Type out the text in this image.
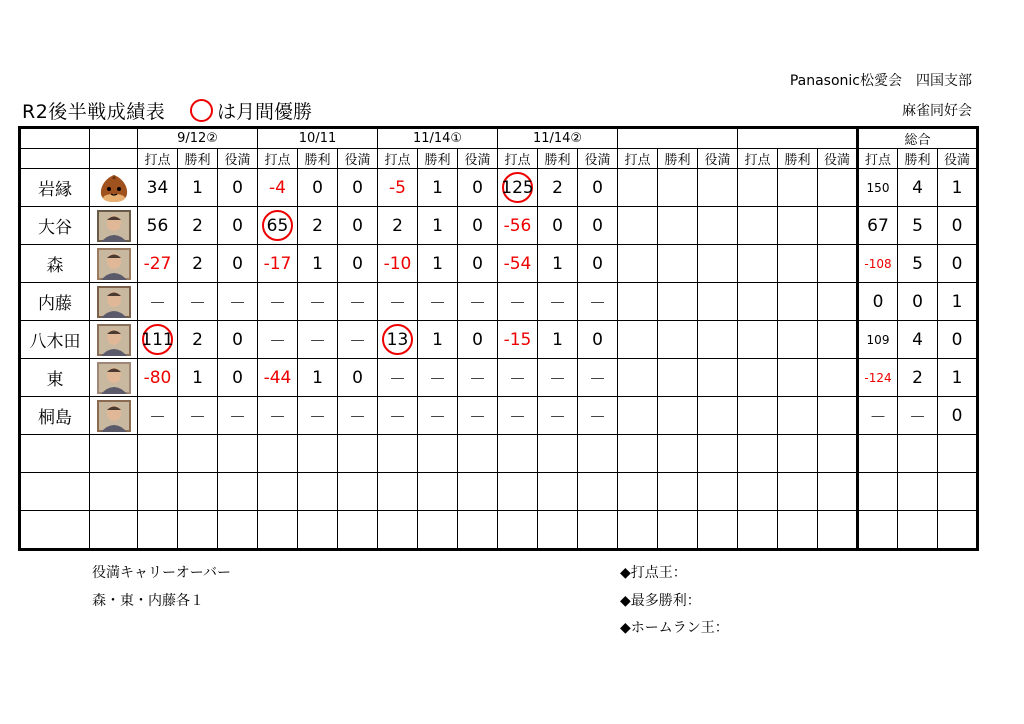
Panasonic松愛会　四国支部
麻雀同好会
R2後半戦成績表	は月間優勝
		9/12②			10/11			11/14①			11/14②									総合		
		打点	勝利	役満	打点	勝利	役満	打点	勝利	役満	打点	勝利	役満	打点	勝利	役満	打点	勝利	役満	打点	勝利	役満
岩縁		34	1	0	-4	0	0	-5	1	0	125	2	0							150	4	1
大谷		56	2	0	65	2	0	2	1	0	-56	0	0							67	5	0
森		-27	2	0	-17	1	0	-10	1	0	-54	1	0							-108	5	0
内藤		－	－	－	－	－	－	－	－	－	－	－	－							0	0	1
八木田		111	2	0	－	－	－	13	1	0	-15	1	0							109	4	0
東		-80	1	0	-44	1	0	－	－	－	－	－	－							-124	2	1
桐島		－	－	－	－	－	－	－	－	－	－	－	－							－	－	0

役満キャリーオーバー
森・東・内藤各１
◆打点王：
◆最多勝利：
◆ホームラン王：
